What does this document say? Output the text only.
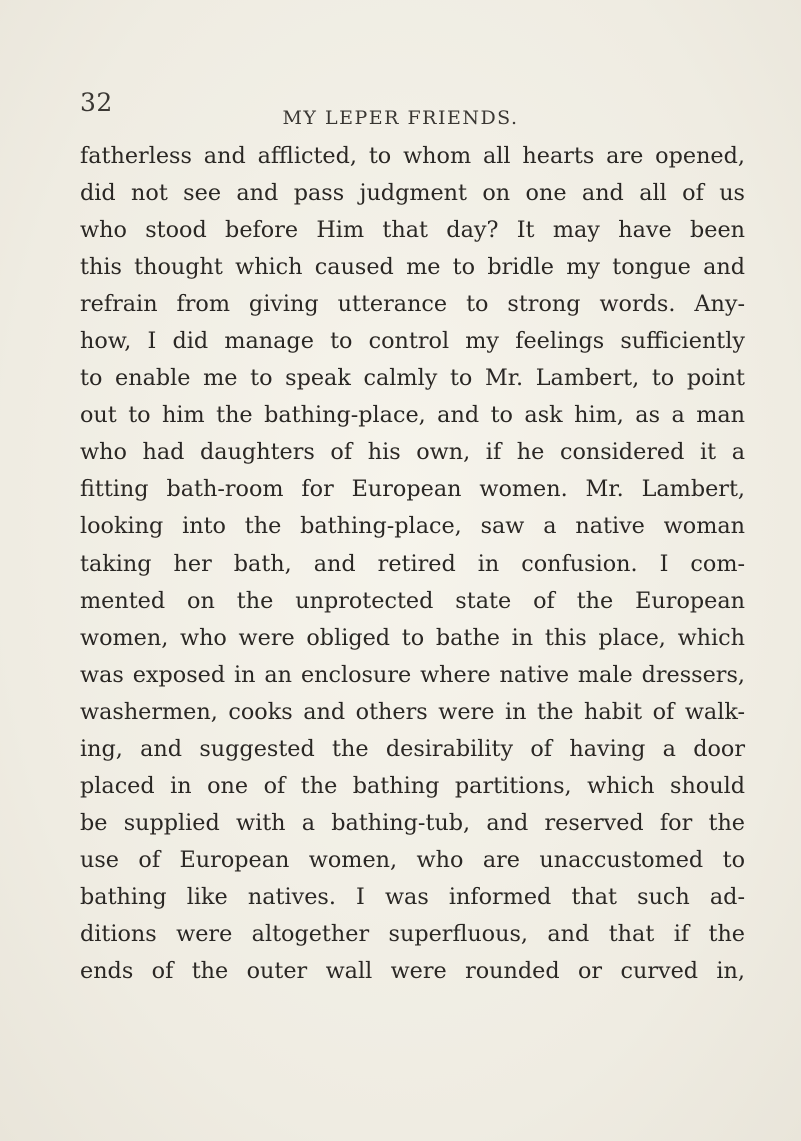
32
MY LEPER FRIENDS.
fatherless and afflicted, to whom all hearts are opened,
did not see and pass judgment on one and all of us
who stood before Him that day? It may have been
this thought which caused me to bridle my tongue and
refrain from giving utterance to strong words. Any-
how, I did manage to control my feelings sufficiently
to enable me to speak calmly to Mr. Lambert, to point
out to him the bathing-place, and to ask him, as a man
who had daughters of his own, if he considered it a
fitting bath-room for European women. Mr. Lambert,
looking into the bathing-place, saw a native woman
taking her bath, and retired in confusion. I com-
mented on the unprotected state of the European
women, who were obliged to bathe in this place, which
was exposed in an enclosure where native male dressers,
washermen, cooks and others were in the habit of walk-
ing, and suggested the desirability of having a door
placed in one of the bathing partitions, which should
be supplied with a bathing-tub, and reserved for the
use of European women, who are unaccustomed to
bathing like natives. I was informed that such ad-
ditions were altogether superfluous, and that if the
ends of the outer wall were rounded or curved in,
